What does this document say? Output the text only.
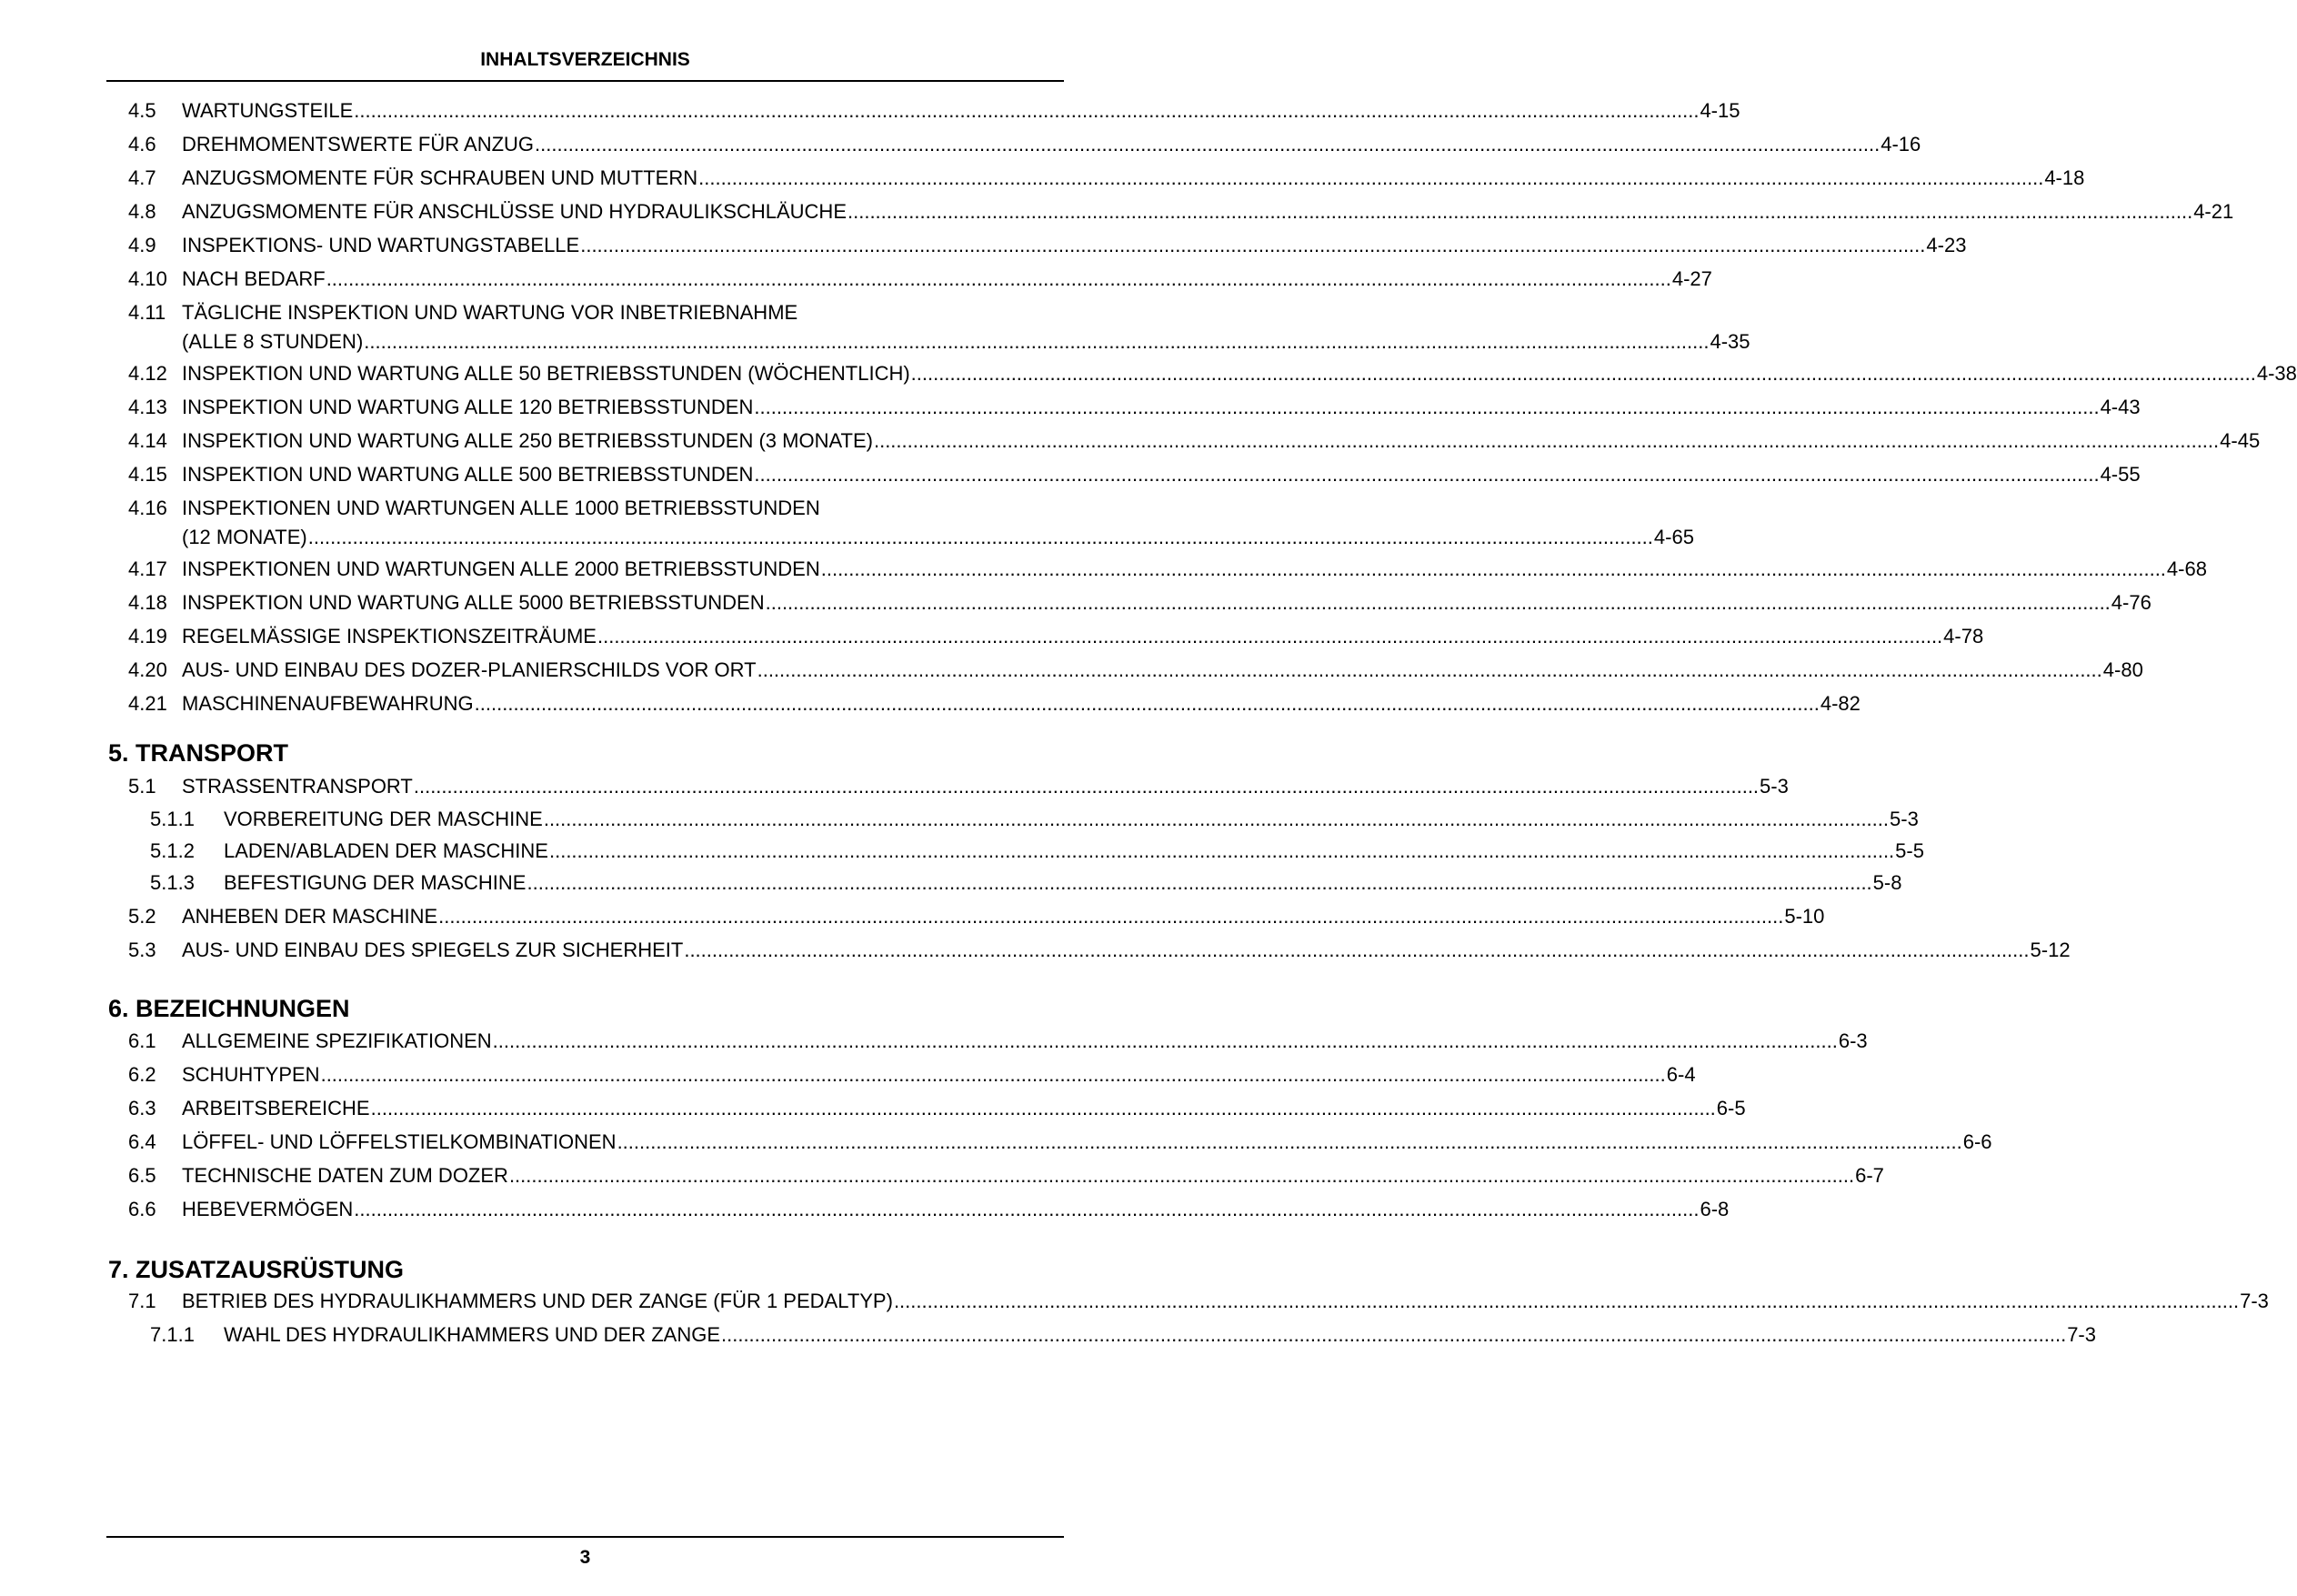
INHALTSVERZEICHNIS
5. TRANSPORT
6. BEZEICHNUNGEN
7. ZUSATZAUSRÜSTUNG
4.5 WARTUNGSTEILE .................................................................................................................................................................................................................................................. 4-15
4.6 DREHMOMENTSWERTE FÜR ANZUG .................................................................................................................................................................................................................................................. 4-16
4.7 ANZUGSMOMENTE FÜR SCHRAUBEN UND MUTTERN .................................................................................................................................................................................................................................................. 4-18
4.8 ANZUGSMOMENTE FÜR ANSCHLÜSSE UND HYDRAULIKSCHLÄUCHE .................................................................................................................................................................................................................................................. 4-21
4.9 INSPEKTIONS- UND WARTUNGSTABELLE .................................................................................................................................................................................................................................................. 4-23
4.10 NACH BEDARF .................................................................................................................................................................................................................................................. 4-27
4.11 TÄGLICHE INSPEKTION UND WARTUNG VOR INBETRIEBNAHME
(ALLE 8 STUNDEN) .................................................................................................................................................................................................................................................. 4-35
4.12 INSPEKTION UND WARTUNG ALLE 50 BETRIEBSSTUNDEN (WÖCHENTLICH) .................................................................................................................................................................................................................................................. 4-38
4.13 INSPEKTION UND WARTUNG ALLE 120 BETRIEBSSTUNDEN .................................................................................................................................................................................................................................................. 4-43
4.14 INSPEKTION UND WARTUNG ALLE 250 BETRIEBSSTUNDEN (3 MONATE) .................................................................................................................................................................................................................................................. 4-45
4.15 INSPEKTION UND WARTUNG ALLE 500 BETRIEBSSTUNDEN .................................................................................................................................................................................................................................................. 4-55
4.16 INSPEKTIONEN UND WARTUNGEN ALLE 1000 BETRIEBSSTUNDEN
(12 MONATE) .................................................................................................................................................................................................................................................. 4-65
4.17 INSPEKTIONEN UND WARTUNGEN ALLE 2000 BETRIEBSSTUNDEN .................................................................................................................................................................................................................................................. 4-68
4.18 INSPEKTION UND WARTUNG ALLE 5000 BETRIEBSSTUNDEN .................................................................................................................................................................................................................................................. 4-76
4.19 REGELMÄSSIGE INSPEKTIONSZEITRÄUME .................................................................................................................................................................................................................................................. 4-78
4.20 AUS- UND EINBAU DES DOZER-PLANIERSCHILDS VOR ORT .................................................................................................................................................................................................................................................. 4-80
4.21 MASCHINENAUFBEWAHRUNG .................................................................................................................................................................................................................................................. 4-82
5.1 STRASSENTRANSPORT .................................................................................................................................................................................................................................................. 5-3
5.1.1 VORBEREITUNG DER MASCHINE .................................................................................................................................................................................................................................................. 5-3
5.1.2 LADEN/ABLADEN DER MASCHINE .................................................................................................................................................................................................................................................. 5-5
5.1.3 BEFESTIGUNG DER MASCHINE .................................................................................................................................................................................................................................................. 5-8
5.2 ANHEBEN DER MASCHINE .................................................................................................................................................................................................................................................. 5-10
5.3 AUS- UND EINBAU DES SPIEGELS ZUR SICHERHEIT .................................................................................................................................................................................................................................................. 5-12
6.1 ALLGEMEINE SPEZIFIKATIONEN .................................................................................................................................................................................................................................................. 6-3
6.2 SCHUHTYPEN .................................................................................................................................................................................................................................................. 6-4
6.3 ARBEITSBEREICHE .................................................................................................................................................................................................................................................. 6-5
6.4 LÖFFEL- UND LÖFFELSTIELKOMBINATIONEN .................................................................................................................................................................................................................................................. 6-6
6.5 TECHNISCHE DATEN ZUM DOZER .................................................................................................................................................................................................................................................. 6-7
6.6 HEBEVERMÖGEN .................................................................................................................................................................................................................................................. 6-8
7.1 BETRIEB DES HYDRAULIKHAMMERS UND DER ZANGE (FÜR 1 PEDALTYP) .................................................................................................................................................................................................................................................. 7-3
7.1.1 WAHL DES HYDRAULIKHAMMERS UND DER ZANGE .................................................................................................................................................................................................................................................. 7-3
3
